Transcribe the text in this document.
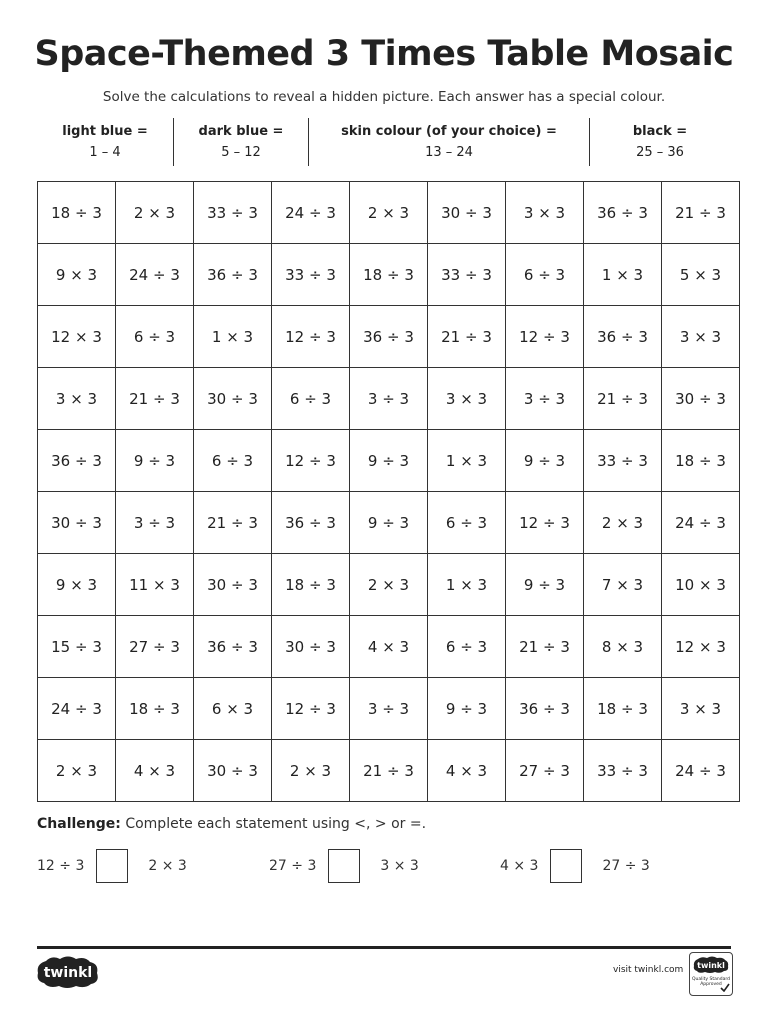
Space-Themed 3 Times Table Mosaic
Solve the calculations to reveal a hidden picture. Each answer has a special colour.
light blue =
1 – 4
dark blue =
5 – 12
skin colour (of your choice) =
13 – 24
black =
25 – 36
18 ÷ 3	2 × 3	33 ÷ 3	24 ÷ 3	2 × 3	30 ÷ 3	3 × 3	36 ÷ 3	21 ÷ 3
9 × 3	24 ÷ 3	36 ÷ 3	33 ÷ 3	18 ÷ 3	33 ÷ 3	6 ÷ 3	1 × 3	5 × 3
12 × 3	6 ÷ 3	1 × 3	12 ÷ 3	36 ÷ 3	21 ÷ 3	12 ÷ 3	36 ÷ 3	3 × 3
3 × 3	21 ÷ 3	30 ÷ 3	6 ÷ 3	3 ÷ 3	3 × 3	3 ÷ 3	21 ÷ 3	30 ÷ 3
36 ÷ 3	9 ÷ 3	6 ÷ 3	12 ÷ 3	9 ÷ 3	1 × 3	9 ÷ 3	33 ÷ 3	18 ÷ 3
30 ÷ 3	3 ÷ 3	21 ÷ 3	36 ÷ 3	9 ÷ 3	6 ÷ 3	12 ÷ 3	2 × 3	24 ÷ 3
9 × 3	11 × 3	30 ÷ 3	18 ÷ 3	2 × 3	1 × 3	9 ÷ 3	7 × 3	10 × 3
15 ÷ 3	27 ÷ 3	36 ÷ 3	30 ÷ 3	4 × 3	6 ÷ 3	21 ÷ 3	8 × 3	12 × 3
24 ÷ 3	18 ÷ 3	6 × 3	12 ÷ 3	3 ÷ 3	9 ÷ 3	36 ÷ 3	18 ÷ 3	3 × 3
2 × 3	4 × 3	30 ÷ 3	2 × 3	21 ÷ 3	4 × 3	27 ÷ 3	33 ÷ 3	24 ÷ 3
Challenge: Complete each statement using <, > or =.
12 ÷ 3	2 × 3	27 ÷ 3	3 × 3	4 × 3	27 ÷ 3
twinkl	visit twinkl.com twinkl
Quality Standard Approved
